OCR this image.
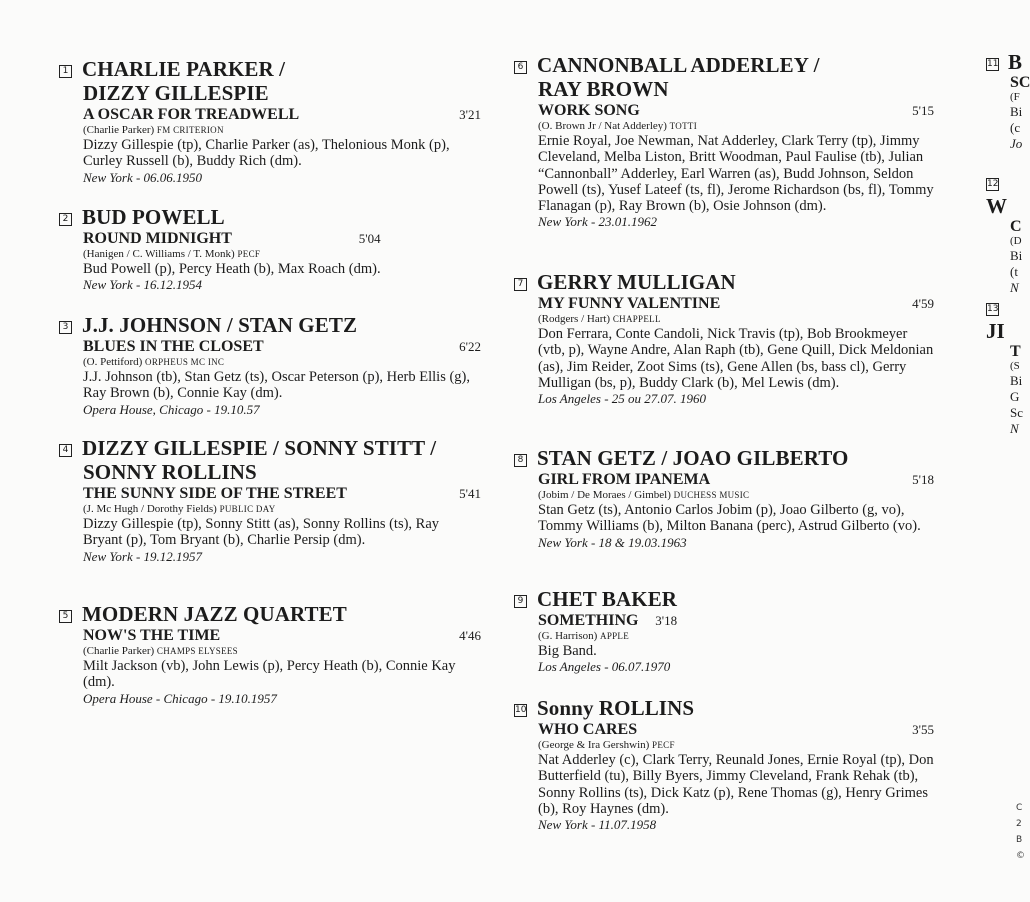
1 CHARLIE PARKER /
DIZZY GILLESPIE
A OSCAR FOR TREADWELL	3'21
(Charlie Parker) FM CRITERION
Dizzy Gillespie (tp), Charlie Parker (as), Thelonious Monk (p), Curley Russell (b), Buddy Rich (dm).
New York - 06.06.1950
2 BUD POWELL
ROUND MIDNIGHT	5'04
(Hanigen / C. Williams / T. Monk) PECF
Bud Powell (p), Percy Heath (b), Max Roach (dm).
New York - 16.12.1954
3 J.J. JOHNSON / STAN GETZ
BLUES IN THE CLOSET	6'22
(O. Pettiford) ORPHEUS MC INC
J.J. Johnson (tb), Stan Getz (ts), Oscar Peterson (p), Herb Ellis (g), Ray Brown (b), Connie Kay (dm).
Opera House, Chicago - 19.10.57
4 DIZZY GILLESPIE / SONNY STITT /
SONNY ROLLINS
THE SUNNY SIDE OF THE STREET	5'41
(J. Mc Hugh / Dorothy Fields) PUBLIC DAY
Dizzy Gillespie (tp), Sonny Stitt (as), Sonny Rollins (ts), Ray Bryant (p), Tom Bryant (b), Charlie Persip (dm).
New York - 19.12.1957
5 MODERN JAZZ QUARTET
NOW'S THE TIME	4'46
(Charlie Parker) CHAMPS ELYSEES
Milt Jackson (vb), John Lewis (p), Percy Heath (b), Connie Kay (dm).
Opera House - Chicago - 19.10.1957
6 CANNONBALL ADDERLEY /
RAY BROWN
WORK SONG	5'15
(O. Brown Jr / Nat Adderley) TOTTI
Ernie Royal, Joe Newman, Nat Adderley, Clark Terry (tp), Jimmy Cleveland, Melba Liston, Britt Woodman, Paul Faulise (tb), Julian “Cannonball” Adderley, Earl Warren (as), Budd Johnson, Seldon Powell (ts), Yusef Lateef (ts, fl), Jerome Richardson (bs, fl), Tommy Flanagan (p), Ray Brown (b), Osie Johnson (dm).
New York - 23.01.1962
7 GERRY MULLIGAN
MY FUNNY VALENTINE	4'59
(Rodgers / Hart) CHAPPELL
Don Ferrara, Conte Candoli, Nick Travis (tp), Bob Brookmeyer (vtb, p), Wayne Andre, Alan Raph (tb), Gene Quill, Dick Meldonian (as), Jim Reider, Zoot Sims (ts), Gene Allen (bs, bass cl), Gerry Mulligan (bs, p), Buddy Clark (b), Mel Lewis (dm).
Los Angeles - 25 ou 27.07. 1960
8 STAN GETZ / JOAO GILBERTO
GIRL FROM IPANEMA	5'18
(Jobim / De Moraes / Gimbel) DUCHESS MUSIC
Stan Getz (ts), Antonio Carlos Jobim (p), Joao Gilberto (g, vo), Tommy Williams (b), Milton Banana (perc), Astrud Gilberto (vo).
New York - 18 & 19.03.1963
9 CHET BAKER
SOMETHING 3'18
(G. Harrison) APPLE
Big Band.
Los Angeles - 06.07.1970
10 Sonny ROLLINS
WHO CARES	3'55
(George & Ira Gershwin) PECF
Nat Adderley (c), Clark Terry, Reunald Jones, Ernie Royal (tp), Don Butterfield (tu), Billy Byers, Jimmy Cleveland, Frank Rehak (tb), Sonny Rollins (ts), Dick Katz (p), Rene Thomas (g), Henry Grimes (b), Roy Haynes (dm).
New York - 11.07.1958
11 B
SC
(F
Bi
(c
Jo
12W
C
(D
Bi
(t
N
13JI
T
(S
Bi
G
Sc
N
C
2
B
©
